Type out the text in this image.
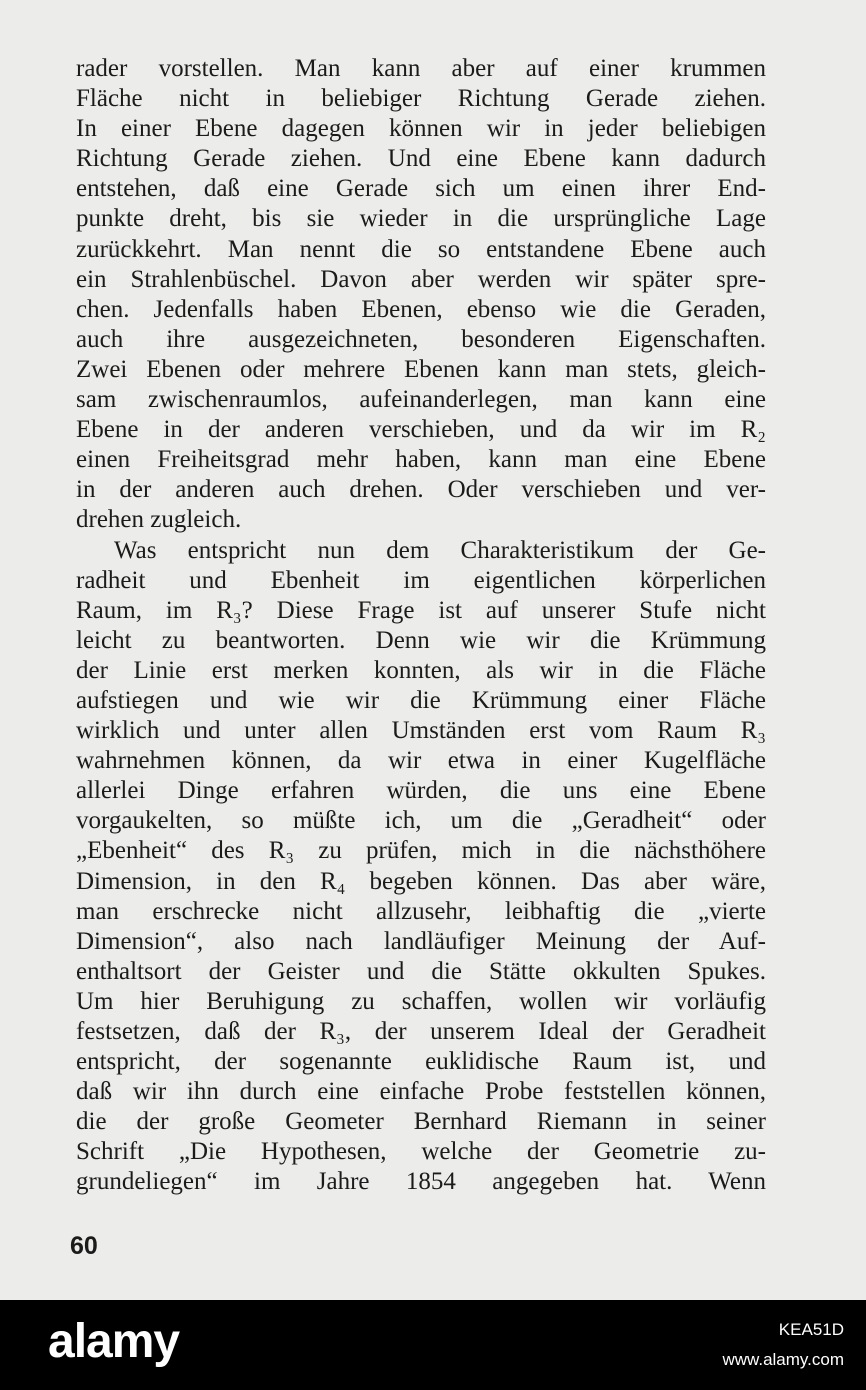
rader vorstellen. Man kann aber auf einer krummen
Fläche nicht in beliebiger Richtung Gerade ziehen.
In einer Ebene dagegen können wir in jeder beliebigen
Richtung Gerade ziehen. Und eine Ebene kann dadurch
entstehen, daß eine Gerade sich um einen ihrer End-
punkte dreht, bis sie wieder in die ursprüngliche Lage
zurückkehrt. Man nennt die so entstandene Ebene auch
ein Strahlenbüschel. Davon aber werden wir später spre-
chen. Jedenfalls haben Ebenen, ebenso wie die Geraden,
auch ihre ausgezeichneten, besonderen Eigenschaften.
Zwei Ebenen oder mehrere Ebenen kann man stets, gleich-
sam zwischenraumlos, aufeinanderlegen, man kann eine
Ebene in der anderen verschieben, und da wir im R₂
einen Freiheitsgrad mehr haben, kann man eine Ebene
in der anderen auch drehen. Oder verschieben und ver-
drehen zugleich.
Was entspricht nun dem Charakteristikum der Ge-
radheit und Ebenheit im eigentlichen körperlichen
Raum, im R₃? Diese Frage ist auf unserer Stufe nicht
leicht zu beantworten. Denn wie wir die Krümmung
der Linie erst merken konnten, als wir in die Fläche
aufstiegen und wie wir die Krümmung einer Fläche
wirklich und unter allen Umständen erst vom Raum R₃
wahrnehmen können, da wir etwa in einer Kugelfläche
allerlei Dinge erfahren würden, die uns eine Ebene
vorgaukelten, so müßte ich, um die „Geradheit“ oder
„Ebenheit“ des R₃ zu prüfen, mich in die nächsthöhere
Dimension, in den R₄ begeben können. Das aber wäre,
man erschrecke nicht allzusehr, leibhaftig die „vierte
Dimension“, also nach landläufiger Meinung der Auf-
enthaltsort der Geister und die Stätte okkulten Spukes.
Um hier Beruhigung zu schaffen, wollen wir vorläufig
festsetzen, daß der R₃, der unserem Ideal der Geradheit
entspricht, der sogenannte euklidische Raum ist, und
daß wir ihn durch eine einfache Probe feststellen können,
die der große Geometer Bernhard Riemann in seiner
Schrift „Die Hypothesen, welche der Geometrie zu-
grundeliegen“ im Jahre 1854 angegeben hat. Wenn
60
alamy	KEA51D
www.alamy.com
